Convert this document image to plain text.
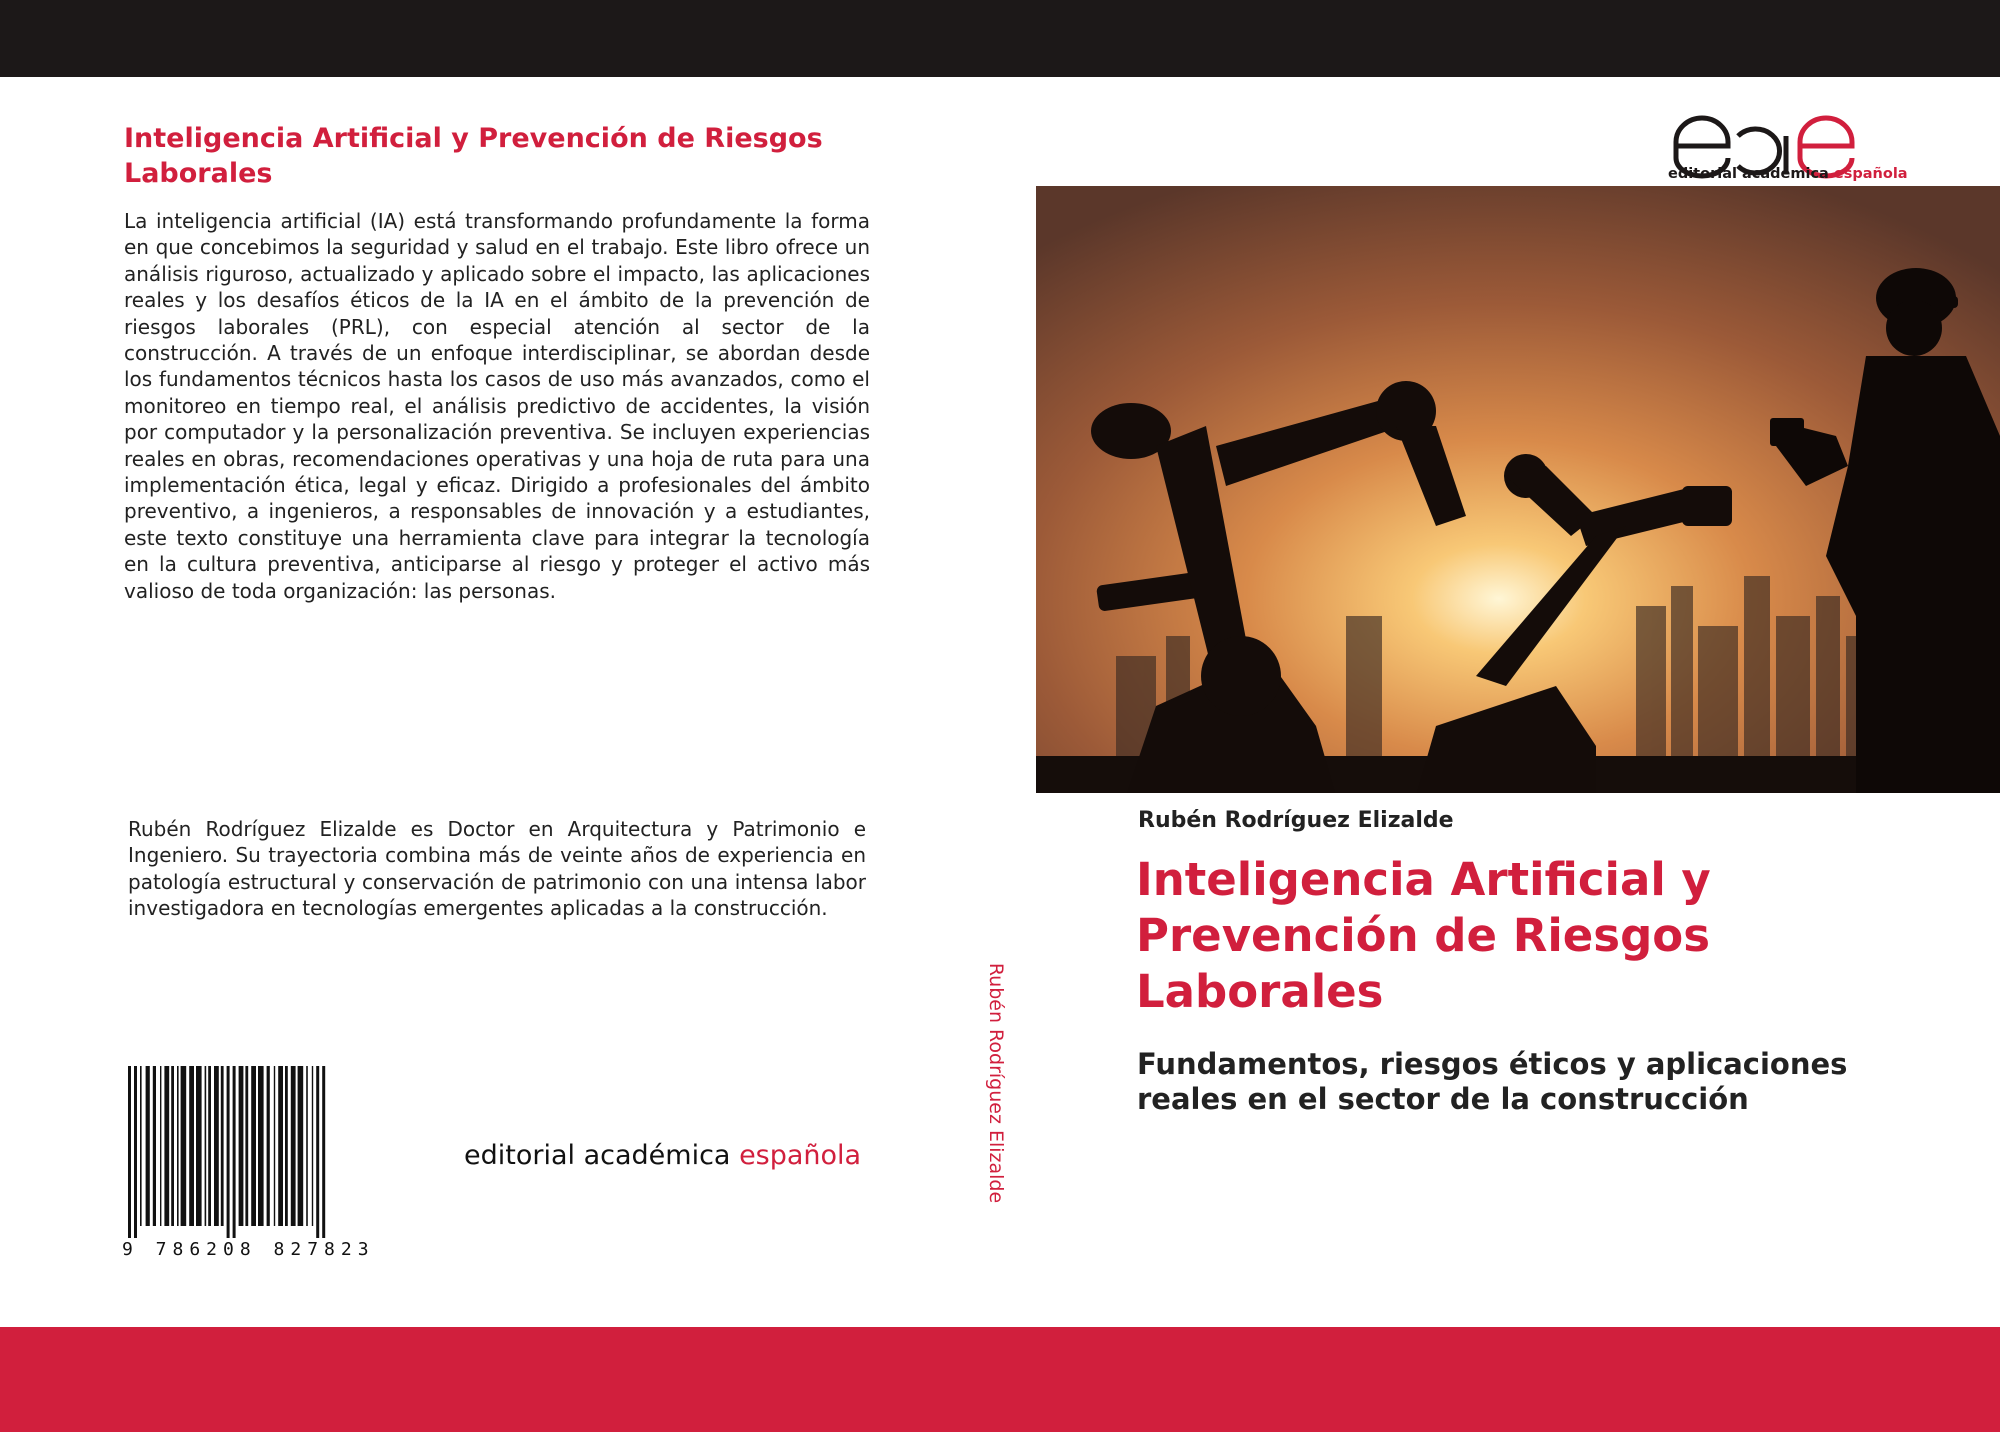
Inteligencia Artificial y Prevención de Riesgos Laborales

La inteligencia artificial (IA) está transformando profundamente la forma en que concebimos la seguridad y salud en el trabajo. Este libro ofrece un análisis riguroso, actualizado y aplicado sobre el impacto, las aplicaciones reales y los desafíos éticos de la IA en el ámbito de la prevención de riesgos laborales (PRL), con especial atención al sector de la construcción. A través de un enfoque interdisciplinar, se abordan desde los fundamentos técnicos hasta los casos de uso más avanzados, como el monitoreo en tiempo real, el análisis predictivo de accidentes, la visión por computador y la personalización preventiva. Se incluyen experiencias reales en obras, recomendaciones operativas y una hoja de ruta para una implementación ética, legal y eficaz. Dirigido a profesionales del ámbito preventivo, a ingenieros, a responsables de innovación y a estudiantes, este texto constituye una herramienta clave para integrar la tecnología en la cultura preventiva, anticiparse al riesgo y proteger el activo más valioso de toda organización: las personas.

Rubén Rodríguez Elizalde es Doctor en Arquitectura y Patrimonio e Ingeniero. Su trayectoria combina más de veinte años de experiencia en patología estructural y conservación de patrimonio con una intensa labor investigadora en tecnologías emergentes aplicadas a la construcción.

9 786208 827823
editorial académica española	Rubén Rodríguez Elizalde
editorial académica española
Rubén Rodríguez Elizalde
Inteligencia Artificial y Prevención de Riesgos Laborales
Fundamentos, riesgos éticos y aplicaciones reales en el sector de la construcción
